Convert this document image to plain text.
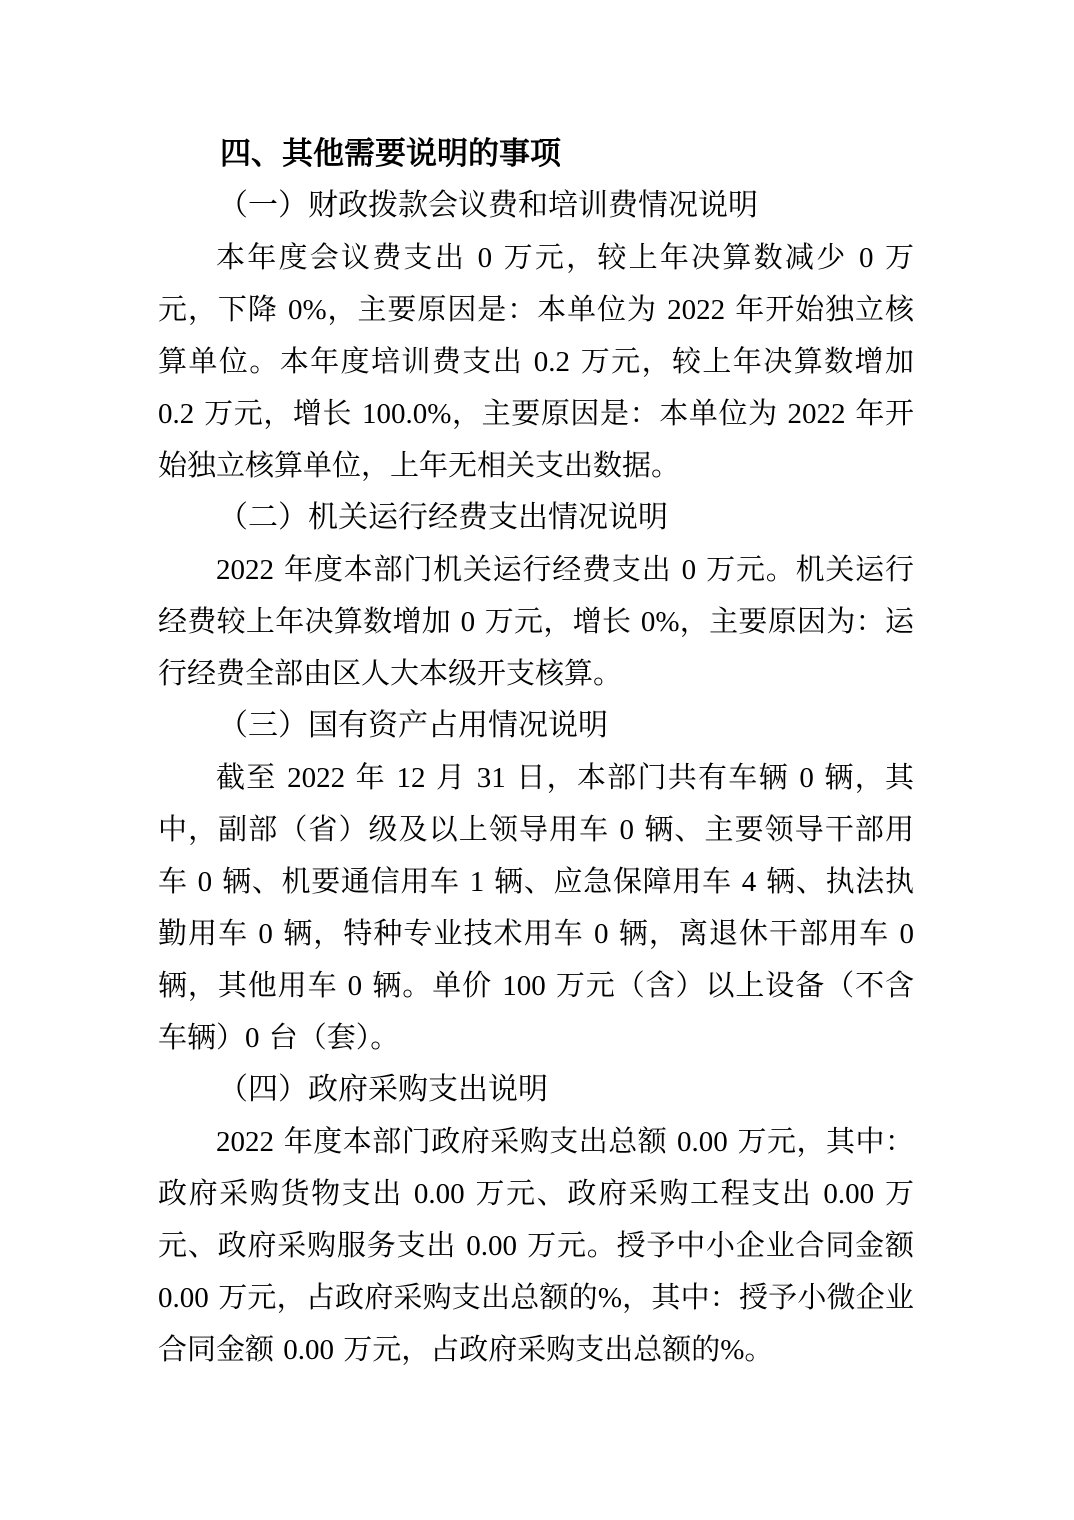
四、其他需要说明的事项
（一）财政拨款会议费和培训费情况说明

本年度会议费支出 0 万元，较上年决算数减少 0 万元，下降 0%，主要原因是：本单位为 2022 年开始独立核算单位。本年度培训费支出 0.2 万元，较上年决算数增加 0.2 万元，增长 100.0%，主要原因是：本单位为 2022 年开始独立核算单位，上年无相关支出数据。

（二）机关运行经费支出情况说明

2022 年度本部门机关运行经费支出 0 万元。机关运行经费较上年决算数增加 0 万元，增长 0%，主要原因为：运行经费全部由区人大本级开支核算。

（三）国有资产占用情况说明

截至 2022 年 12 月 31 日，本部门共有车辆 0 辆，其中，副部（省）级及以上领导用车 0 辆、主要领导干部用车 0 辆、机要通信用车 1 辆、应急保障用车 4 辆、执法执勤用车 0 辆，特种专业技术用车 0 辆，离退休干部用车 0 辆，其他用车 0 辆。单价 100 万元（含）以上设备（不含车辆）0 台（套）。

（四）政府采购支出说明

2022 年度本部门政府采购支出总额 0.00 万元，其中：政府采购货物支出 0.00 万元、政府采购工程支出 0.00 万元、政府采购服务支出 0.00 万元。授予中小企业合同金额 0.00 万元，占政府采购支出总额的%，其中：授予小微企业合同金额 0.00 万元，占政府采购支出总额的%。
